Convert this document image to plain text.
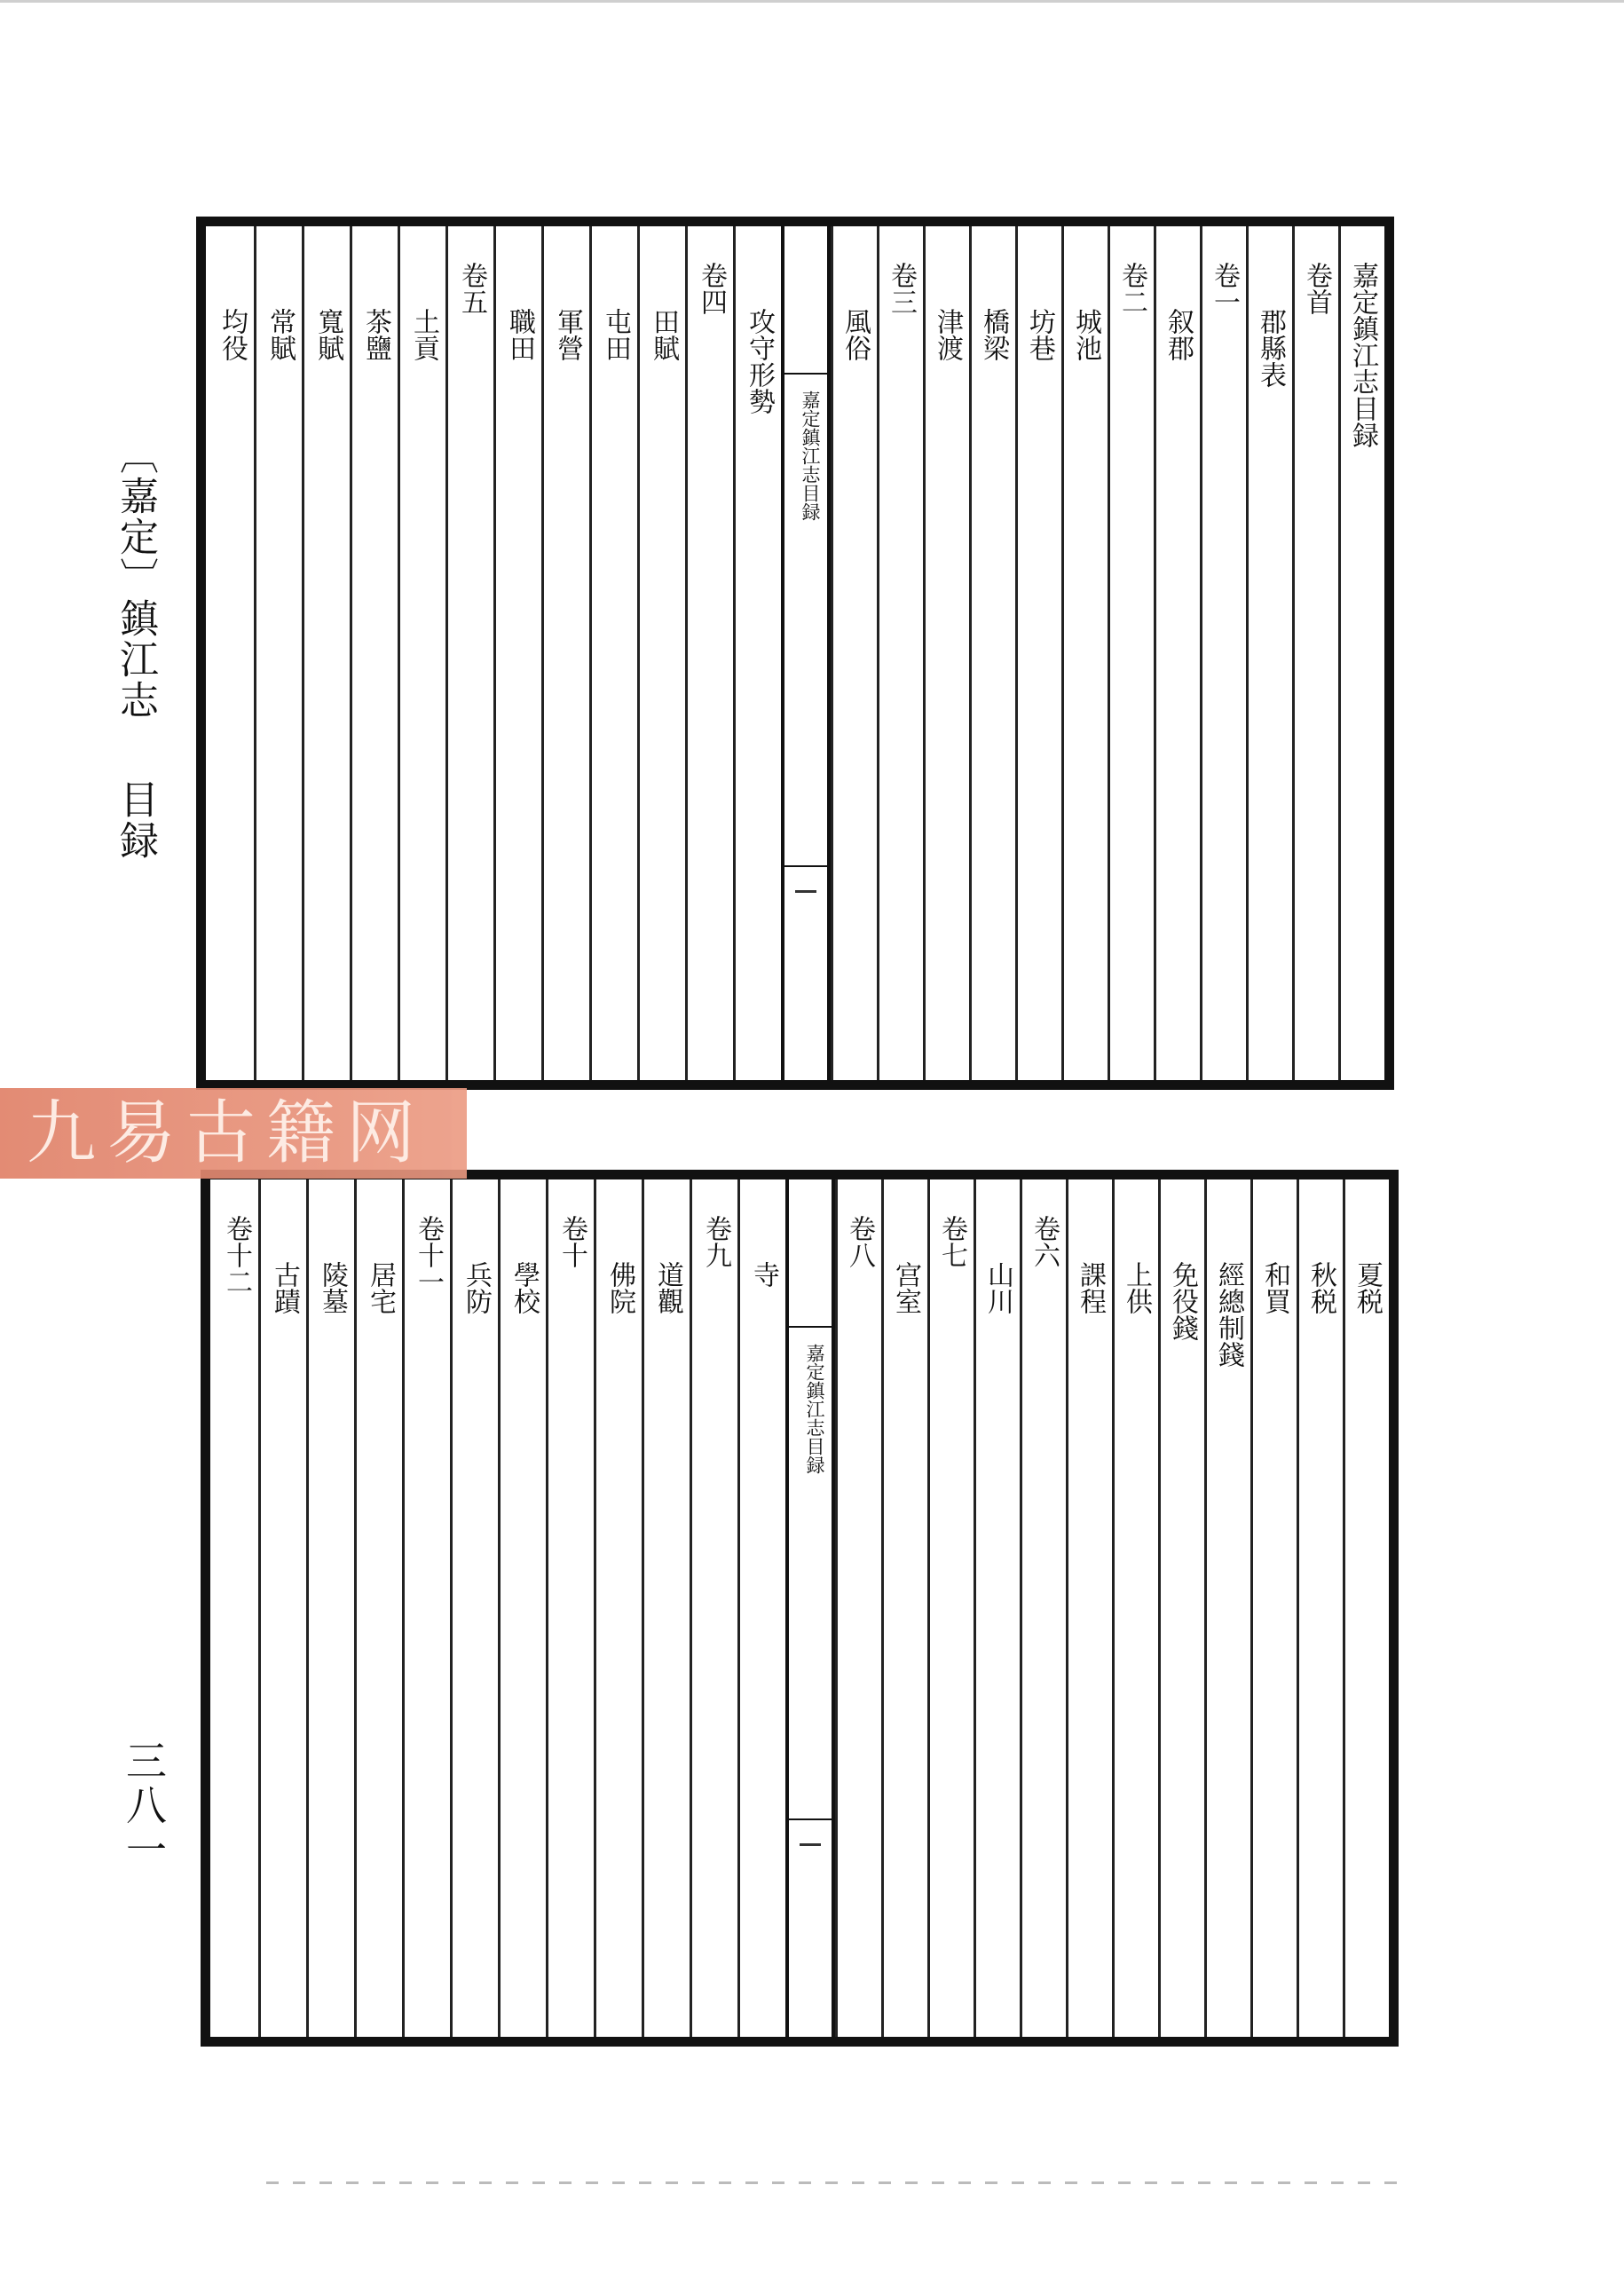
〔嘉定〕鎮江志 目録
嘉定鎮江志目録
卷首
郡縣表
卷一
叙郡
卷二
城池
坊巷
橋梁
津渡
卷三
風俗
嘉定鎮江志目録
攻守形勢
卷四
田賦
屯田
軍營
職田
卷五
土貢
茶鹽
寬賦
常賦
均役
夏税
秋税
和買
經總制錢
免役錢
上供
課程
卷六
山川
卷七
宫室
卷八
嘉定鎮江志目録
寺
卷九
道觀
佛院
卷十
學校
兵防
卷十一
居宅
陵墓
古蹟
卷十二
九易古籍网
三八一
